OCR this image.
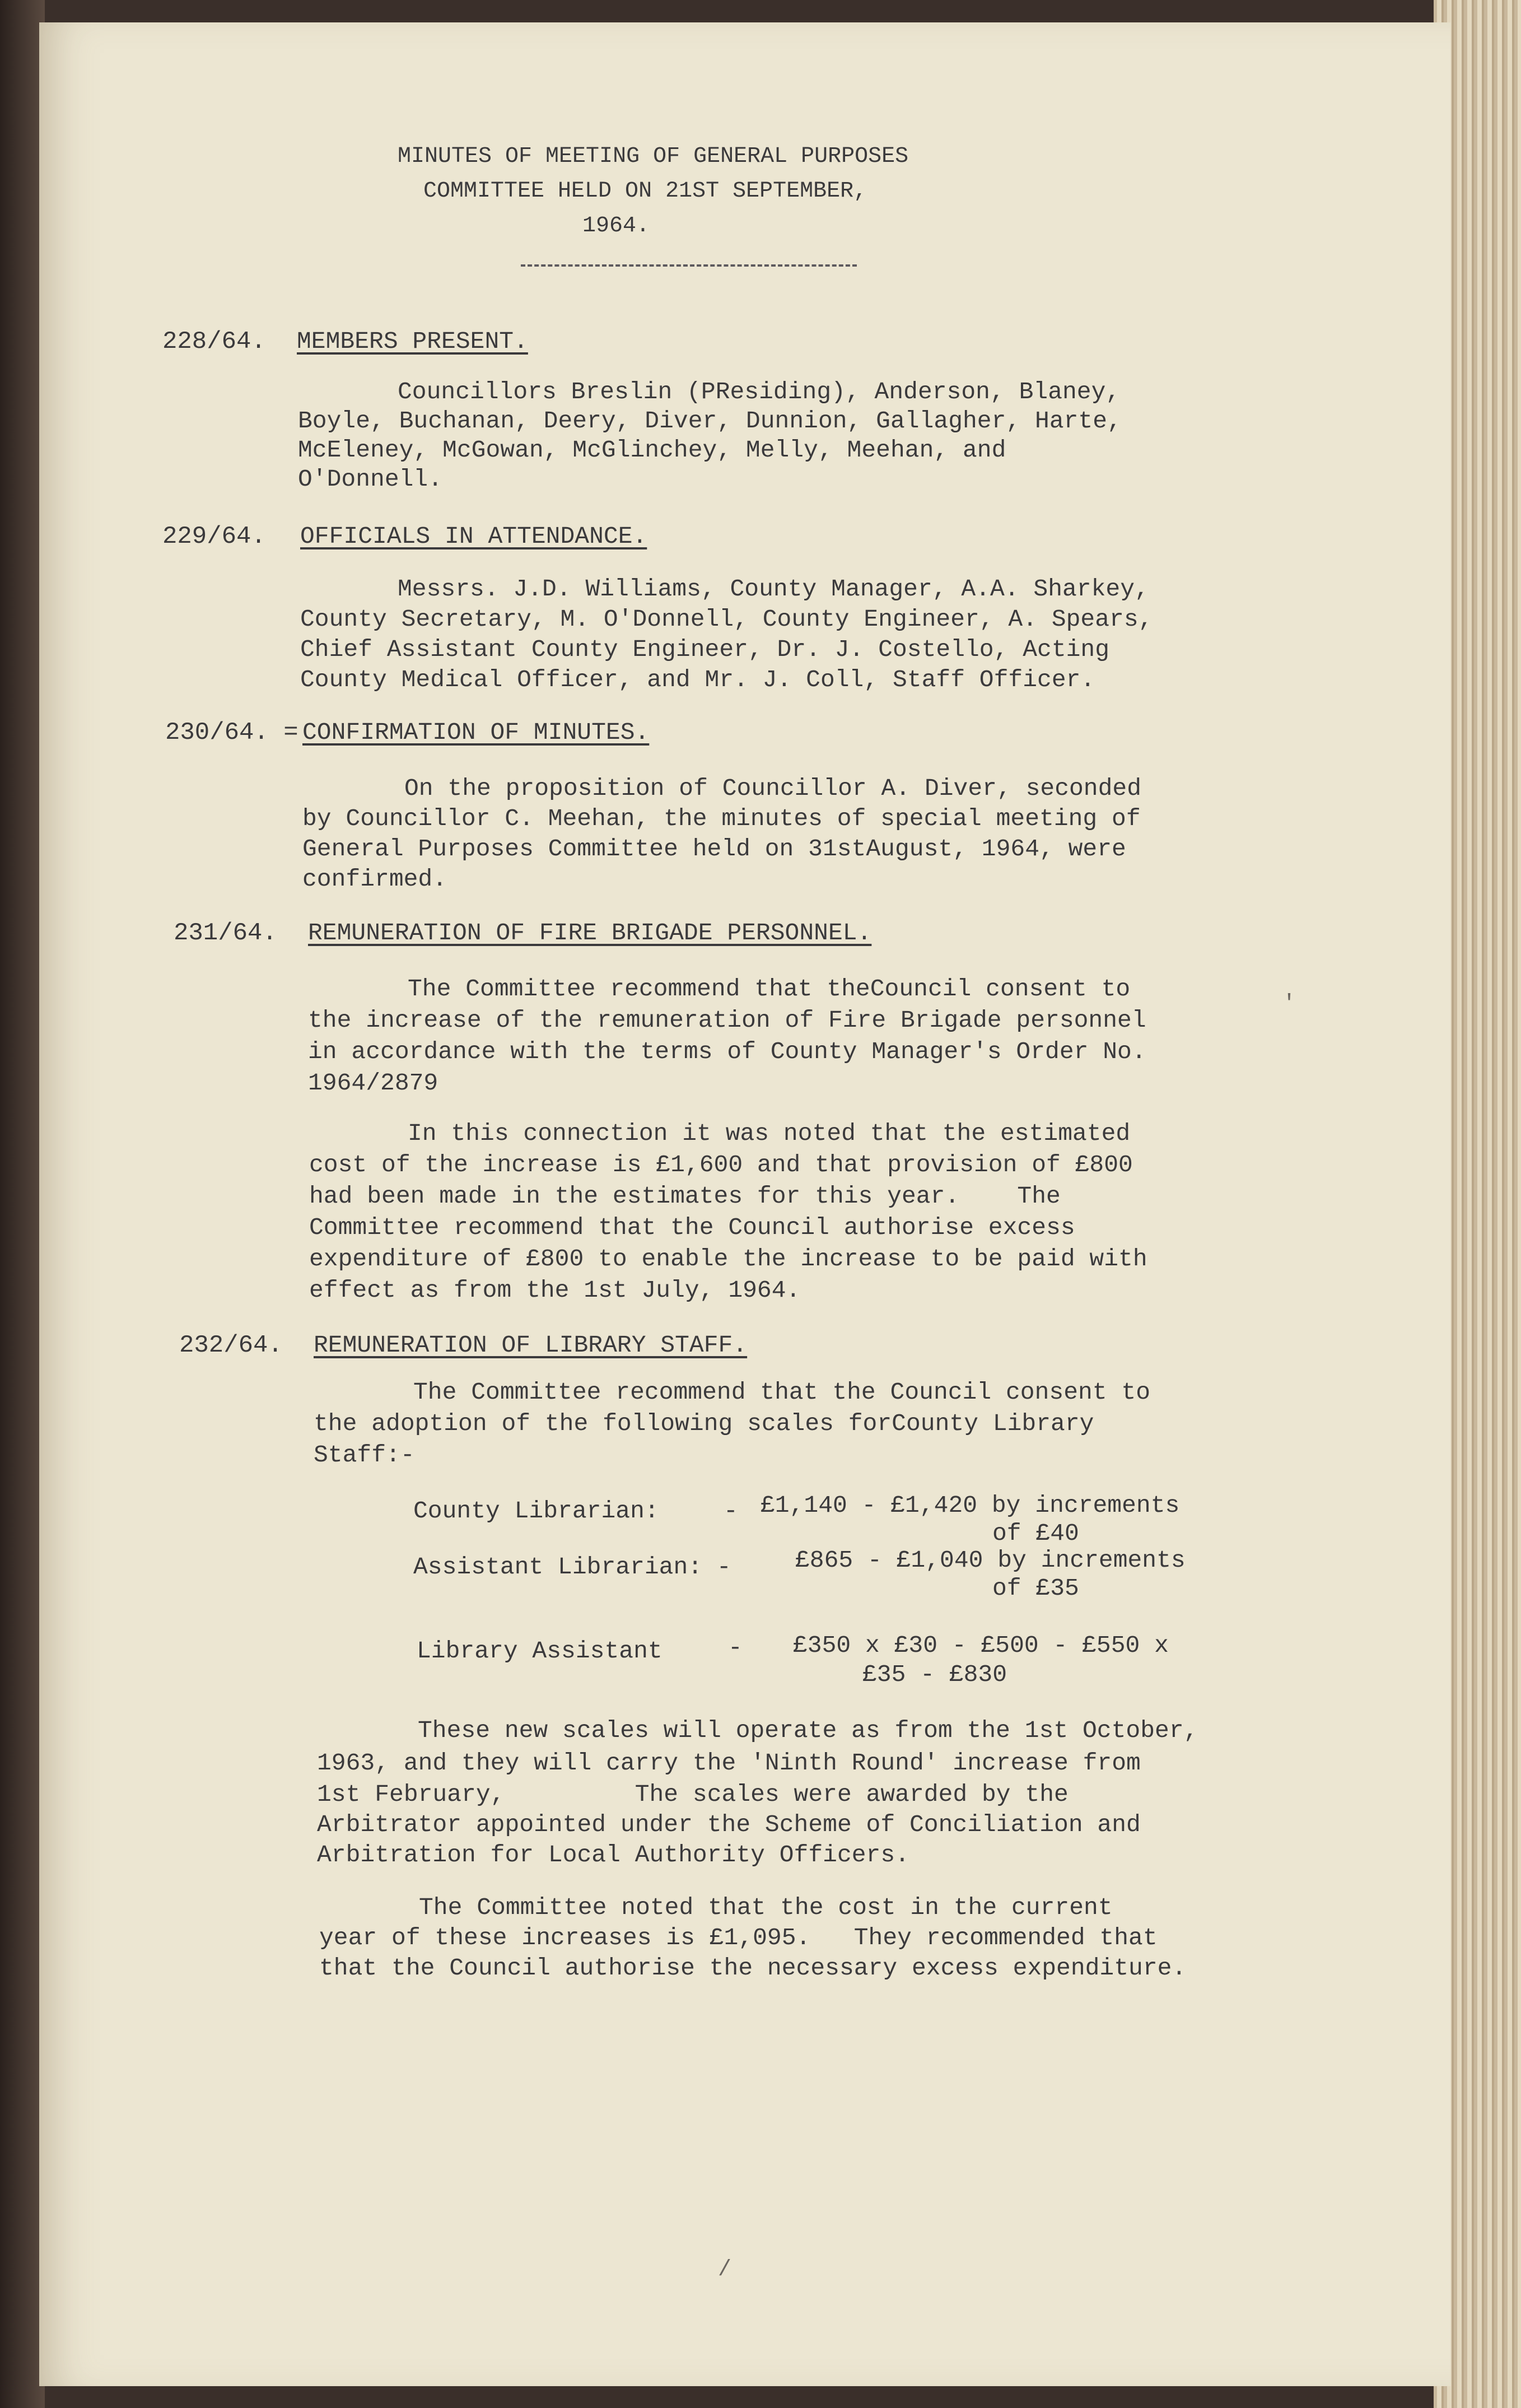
MINUTES OF MEETING OF GENERAL PURPOSES
COMMITTEE HELD ON 21ST SEPTEMBER,
1964.
228/64. MEMBERS PRESENT.
Councillors Breslin (PResiding), Anderson, Blaney,
Boyle, Buchanan, Deery, Diver, Dunnion, Gallagher, Harte,
McEleney, McGowan, McGlinchey, Melly, Meehan, and
O'Donnell.
229/64. OFFICIALS IN ATTENDANCE.
Messrs. J.D. Williams, County Manager, A.A. Sharkey,
County Secretary, M. O'Donnell, County Engineer, A. Spears,
Chief Assistant County Engineer, Dr. J. Costello, Acting
County Medical Officer, and Mr. J. Coll, Staff Officer.
230/64. = CONFIRMATION OF MINUTES.
On the proposition of Councillor A. Diver, seconded
by Councillor C. Meehan, the minutes of special meeting of
General Purposes Committee held on 31stAugust, 1964, were
confirmed.
231/64. REMUNERATION OF FIRE BRIGADE PERSONNEL.
The Committee recommend that theCouncil consent to
the increase of the remuneration of Fire Brigade personnel
in accordance with the terms of County Manager's Order No.
1964/2879
In this connection it was noted that the estimated
cost of the increase is £1,600 and that provision of £800
had been made in the estimates for this year.    The
Committee recommend that the Council authorise excess
expenditure of £800 to enable the increase to be paid with
effect as from the 1st July, 1964.
232/64. REMUNERATION OF LIBRARY STAFF.
The Committee recommend that the Council consent to
the adoption of the following scales forCounty Library
Staff:-
County Librarian:	- £1,140 - £1,420 by increments
of £40
Assistant Librarian: -	£865 - £1,040 by increments
of £35
Library Assistant	- £350 x £30 - £500 - £550 x
£35 - £830
These new scales will operate as from the 1st October,
1963, and they will carry the 'Ninth Round' increase from
1st February,         The scales were awarded by the
Arbitrator appointed under the Scheme of Conciliation and
Arbitration for Local Authority Officers.
The Committee noted that the cost in the current
year of these increases is £1,095.   They recommended that
that the Council authorise the necessary excess expenditure.
/
'
